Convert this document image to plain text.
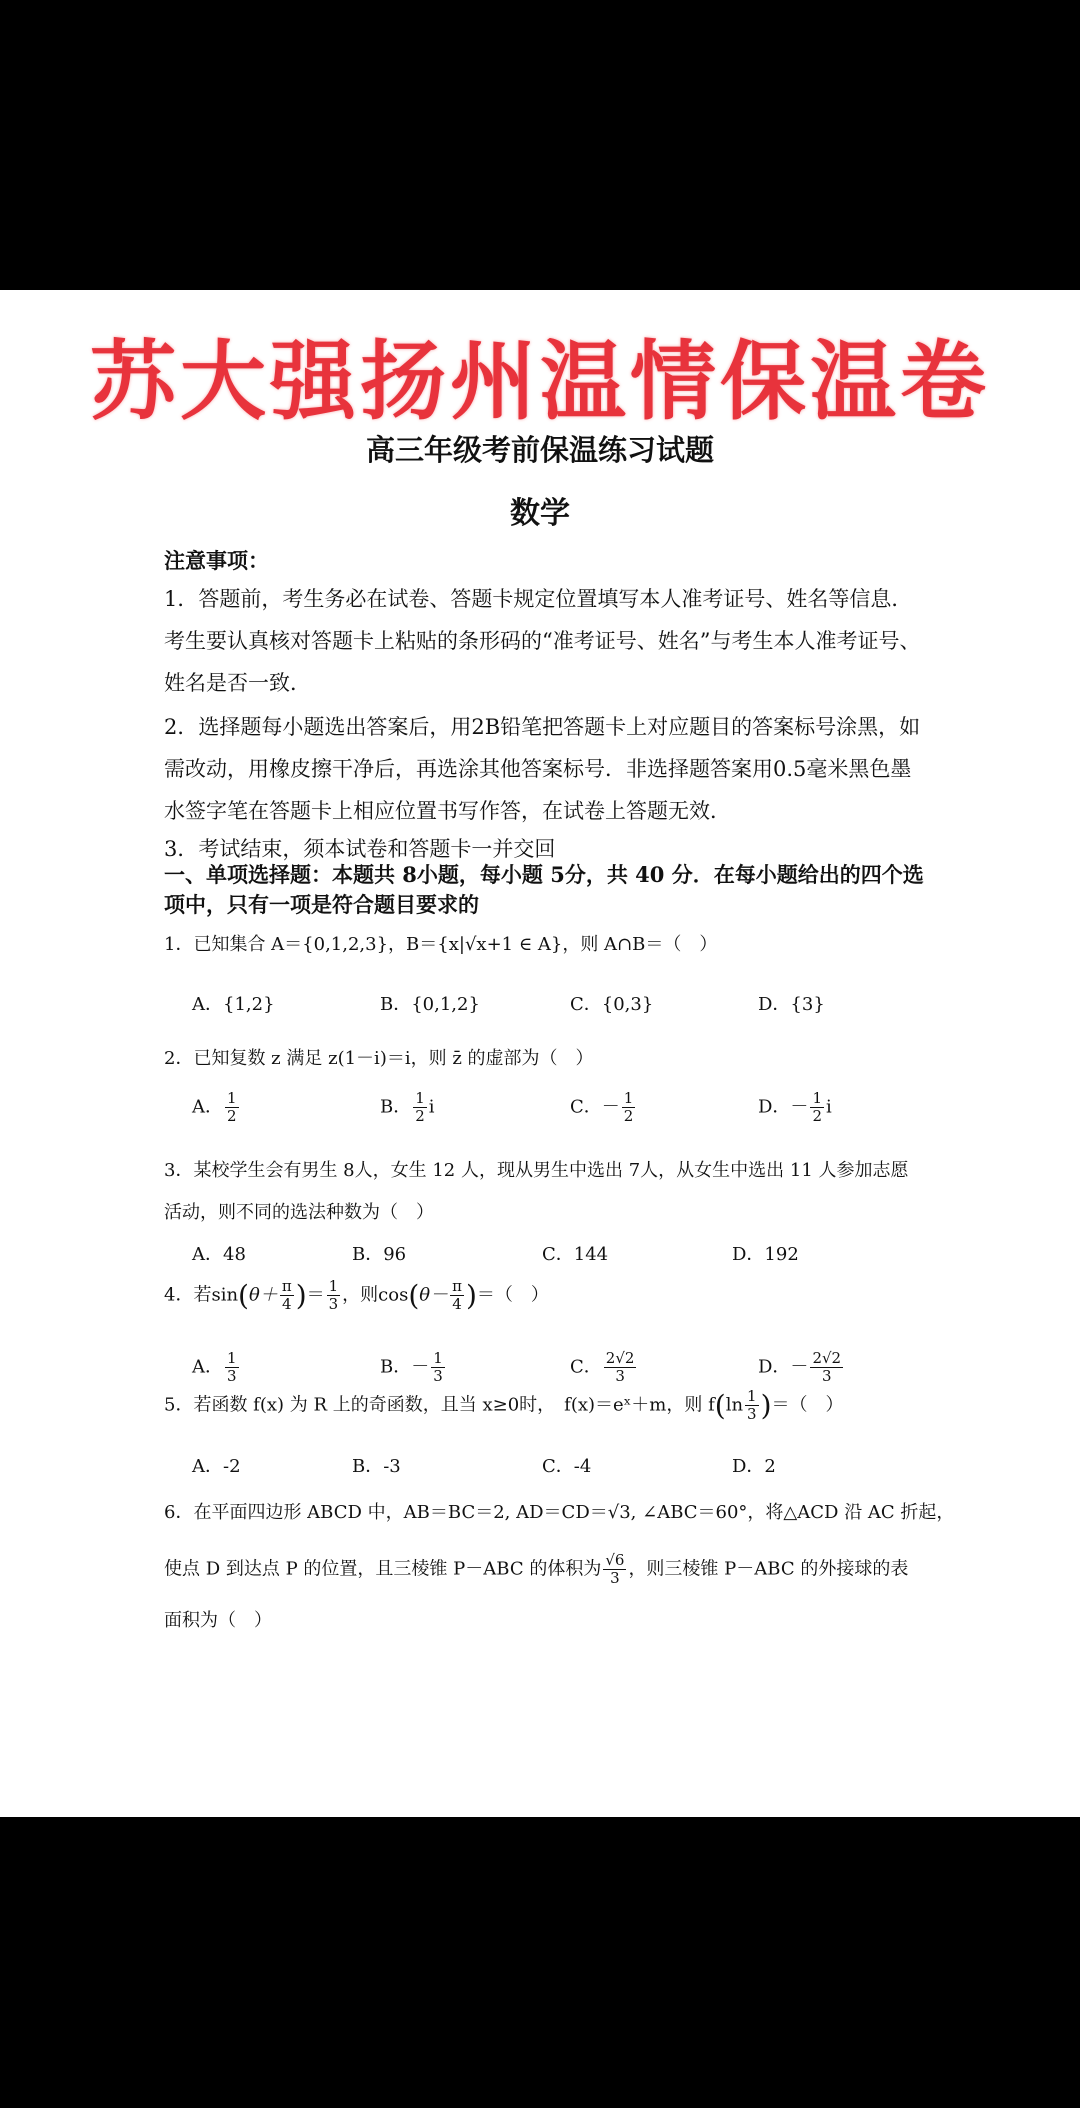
苏大强扬州温情保温卷
高三年级考前保温练习试题
数学
注意事项：
1．答题前，考生务必在试卷、答题卡规定位置填写本人准考证号、姓名等信息．考生要认真核对答题卡上粘贴的条形码的“准考证号、姓名”与考生本人准考证号、姓名是否一致．
2．选择题每小题选出答案后，用2B铅笔把答题卡上对应题目的答案标号涂黑，如需改动，用橡皮擦干净后，再选涂其他答案标号．非选择题答案用0.5毫米黑色墨水签字笔在答题卡上相应位置书写作答，在试卷上答题无效．
3．考试结束，须本试卷和答题卡一并交回
一、单项选择题：本题共 8小题，每小题 5分，共 40 分．在每小题给出的四个选项中，只有一项是符合题目要求的
1．已知集合 A＝{0,1,2,3}，B＝{x|√x+1 ∈ A}，则 A∩B＝（　）
A．{1,2}	B．{0,1,2}	C．{0,3}	D．{3}
2．已知复数 z 满足 z(1－i)＝i，则 z̄ 的虚部为（　）
A． $\frac{1}{2}$	B． $\frac{1}{2}$ i	C．－ $\frac{1}{2}$	D．－ $\frac{1}{2}$ i
3．某校学生会有男生 8人，女生 12 人，现从男生中选出 7人，从女生中选出 11 人参加志愿活动，则不同的选法种数为（　）
A．48	B．96	C．144	D．192
4．若$\sin(\theta+ \frac{\pi}{4}$ )＝ $\frac{1}{3}$ ，则$\cos(\theta- \frac{\pi}{4}$ )＝（　）
A． $\frac{1}{3}$	B．－ $\frac{1}{3}$	C． $\frac{2√2}{3}$	D．－ $\frac{2√2}{3}$
5．若函数 f(x) 为 R 上的奇函数，且当 x≥0时，　f(x)＝eˣ＋m，则 $f(\ln \frac{1}{3}$ )＝（　）
A．-2	B．-3	C．-4	D．2
6．在平面四边形 ABCD 中，AB＝BC＝2, AD＝CD＝√3, ∠ABC＝60°，将△ACD 沿 AC 折起，
使点 D 到达点 P 的位置，且三棱锥 P－ABC 的体积为 $\frac{√6}{3}$ ，则三棱锥 P－ABC 的外接球的表
面积为（　）
